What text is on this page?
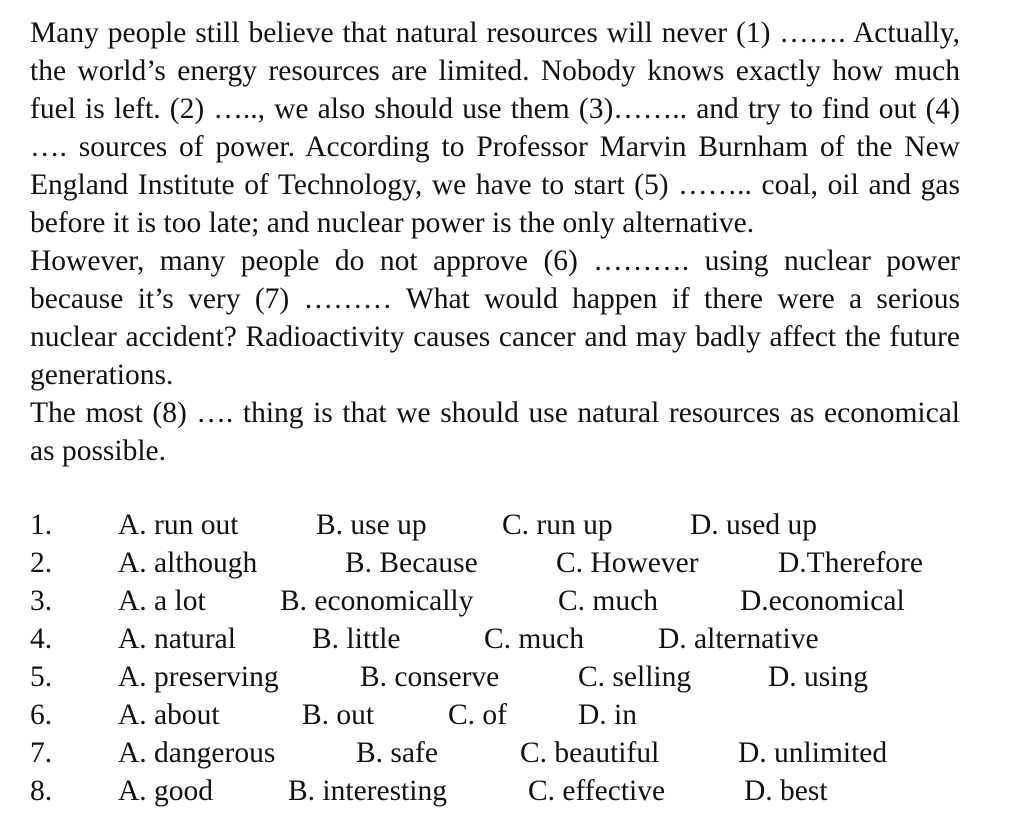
Many people still believe that natural resources will never (1) ……. Actually, the world’s energy resources are limited. Nobody knows exactly how much fuel is left. (2) ….., we also should use them (3)…….. and try to find out (4) …. sources of power. According to Professor Marvin Burnham of the New England Institute of Technology, we have to start (5) …….. coal, oil and gas before it is too late; and nuclear power is the only alternative.

However, many people do not approve (6) ………. using nuclear power because it’s very (7) ……… What would happen if there were a serious nuclear accident? Radioactivity causes cancer and may badly affect the future generations.

The most (8) …. thing is that we should use natural resources as economical as possible.

1. A. run out	B. use up	C. run up	D. used up
2. A. although	B. Because	C. However	D.Therefore
3. A. a lot	B. economically	C. much	D.economical
4. A. natural	B. little	C. much	D. alternative
5. A. preserving	B. conserve	C. selling	D. using
6. A. about	B. out	C. of D. in
7. A. dangerous	B. safe	C. beautiful	D. unlimited
8. A. good	B. interesting	C. effective	D. best
